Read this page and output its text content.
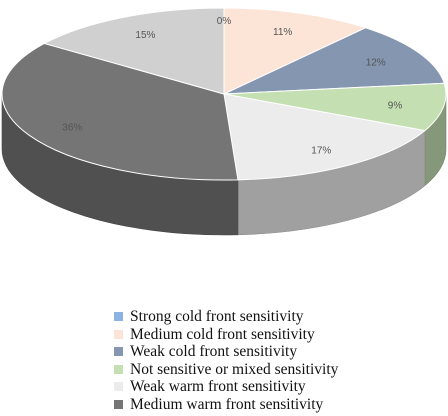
0%
11%
12%
9%
17%
36%
15%
Strong cold front sensitivity
Medium cold front sensitivity
Weak cold front sensitivity
Not sensitive or mixed sensitivity
Weak warm front sensitivity
Medium warm front sensitivity
